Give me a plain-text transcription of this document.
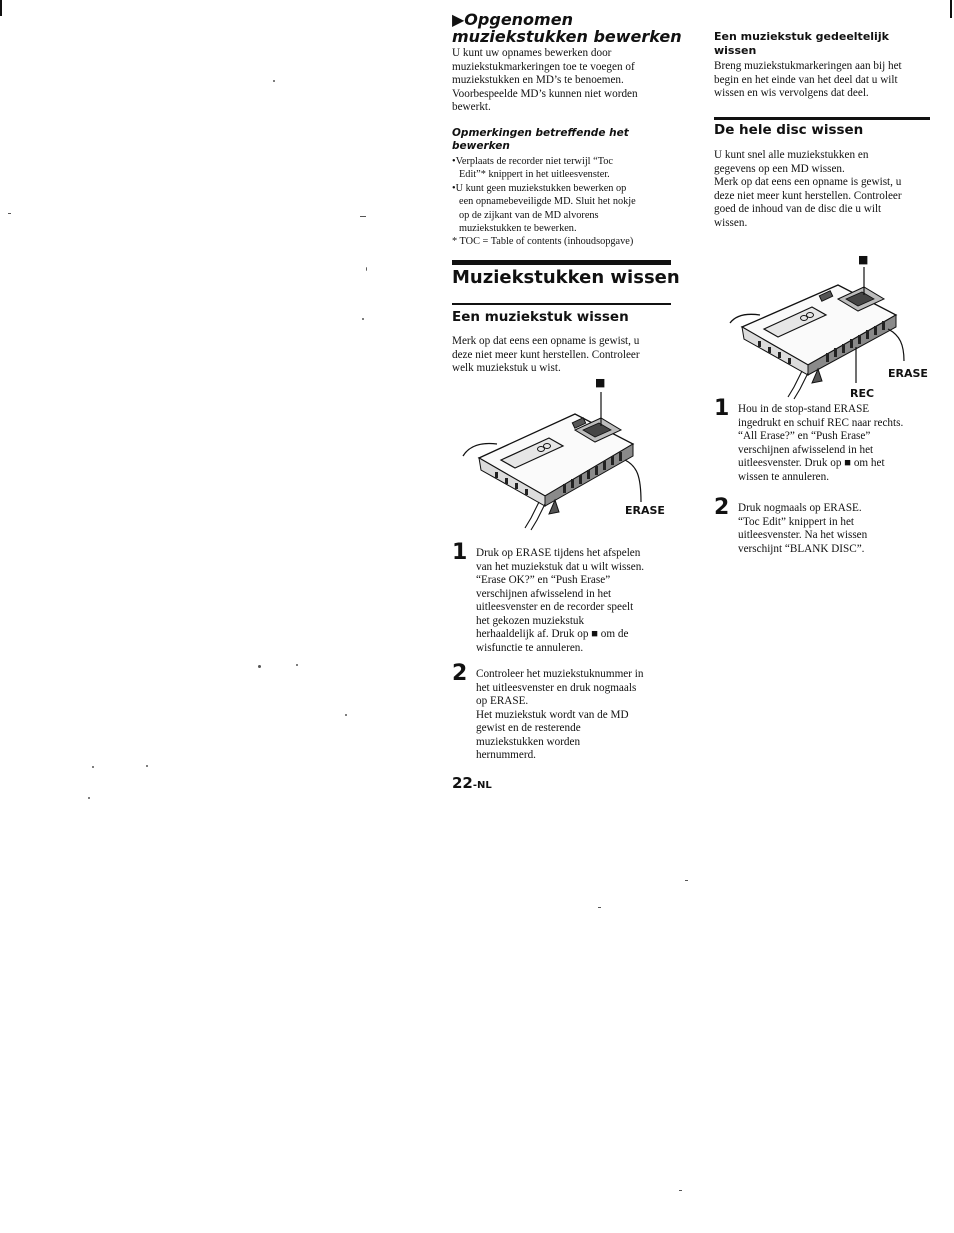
▶Opgenomen
muziekstukken bewerken
U kunt uw opnames bewerken door
muziekstukmarkeringen toe te voegen of
muziekstukken en MD’s te benoemen.
Voorbespeelde MD’s kunnen niet worden
bewerkt.
Opmerkingen betreffende het
bewerken
•Verplaats de recorder niet terwijl “Toc
Edit”* knippert in het uitleesvenster.
•U kunt geen muziekstukken bewerken op
een opnamebeveiligde MD. Sluit het nokje
op de zijkant van de MD alvorens
muziekstukken te bewerken.
* TOC = Table of contents (inhoudsopgave)
Muziekstukken wissen
Een muziekstuk wissen
Merk op dat eens een opname is gewist, u
deze niet meer kunt herstellen. Controleer
welk muziekstuk u wist.
■
ERASE
1 Druk op ERASE tijdens het afspelen
van het muziekstuk dat u wilt wissen.
“Erase OK?” en “Push Erase”
verschijnen afwisselend in het
uitleesvenster en de recorder speelt
het gekozen muziekstuk
herhaaldelijk af. Druk op ■ om de
wisfunctie te annuleren.
2 Controleer het muziekstuknummer in
het uitleesvenster en druk nogmaals
op ERASE.
Het muziekstuk wordt van de MD
gewist en de resterende
muziekstukken worden
hernummerd.
22-NL
Een muziekstuk gedeeltelijk
wissen
Breng muziekstukmarkeringen aan bij het
begin en het einde van het deel dat u wilt
wissen en wis vervolgens dat deel.
De hele disc wissen
U kunt snel alle muziekstukken en
gegevens op een MD wissen.
Merk op dat eens een opname is gewist, u
deze niet meer kunt herstellen. Controleer
goed de inhoud van de disc die u wilt
wissen.
■
ERASE
REC
1 Hou in de stop-stand ERASE
ingedrukt en schuif REC naar rechts.
“All Erase?” en “Push Erase”
verschijnen afwisselend in het
uitleesvenster. Druk op ■ om het
wissen te annuleren.
2 Druk nogmaals op ERASE.
“Toc Edit” knippert in het
uitleesvenster. Na het wissen
verschijnt “BLANK DISC”.
